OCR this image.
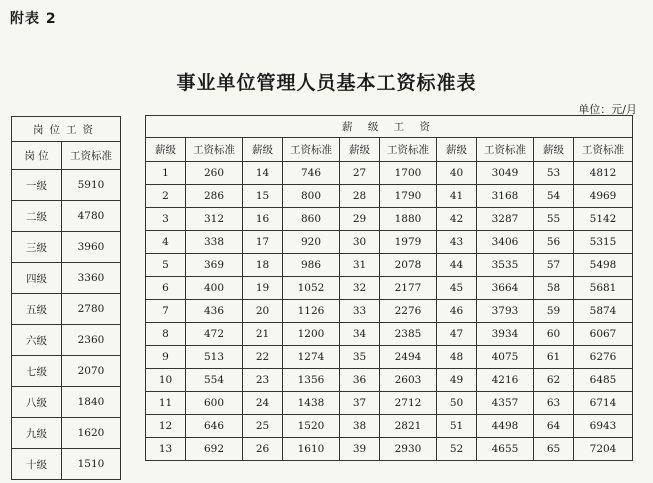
附表 2
事业单位管理人员基本工资标准表
单位：元/月
岗位工资	
岗 位	工资标准
一级	5910
二级	4780
三级	3960
四级	3360
五级	2780
六级	2360
七级	2070
八级	1840
九级	1620
十级	1510
薪 级 工 资									
薪级	工资标准	薪级	工资标准	薪级	工资标准	薪级	工资标准	薪级	工资标准
1	260	14	746	27	1700	40	3049	53	4812
2	286	15	800	28	1790	41	3168	54	4969
3	312	16	860	29	1880	42	3287	55	5142
4	338	17	920	30	1979	43	3406	56	5315
5	369	18	986	31	2078	44	3535	57	5498
6	400	19	1052	32	2177	45	3664	58	5681
7	436	20	1126	33	2276	46	3793	59	5874
8	472	21	1200	34	2385	47	3934	60	6067
9	513	22	1274	35	2494	48	4075	61	6276
10	554	23	1356	36	2603	49	4216	62	6485
11	600	24	1438	37	2712	50	4357	63	6714
12	646	25	1520	38	2821	51	4498	64	6943
13	692	26	1610	39	2930	52	4655	65	7204
